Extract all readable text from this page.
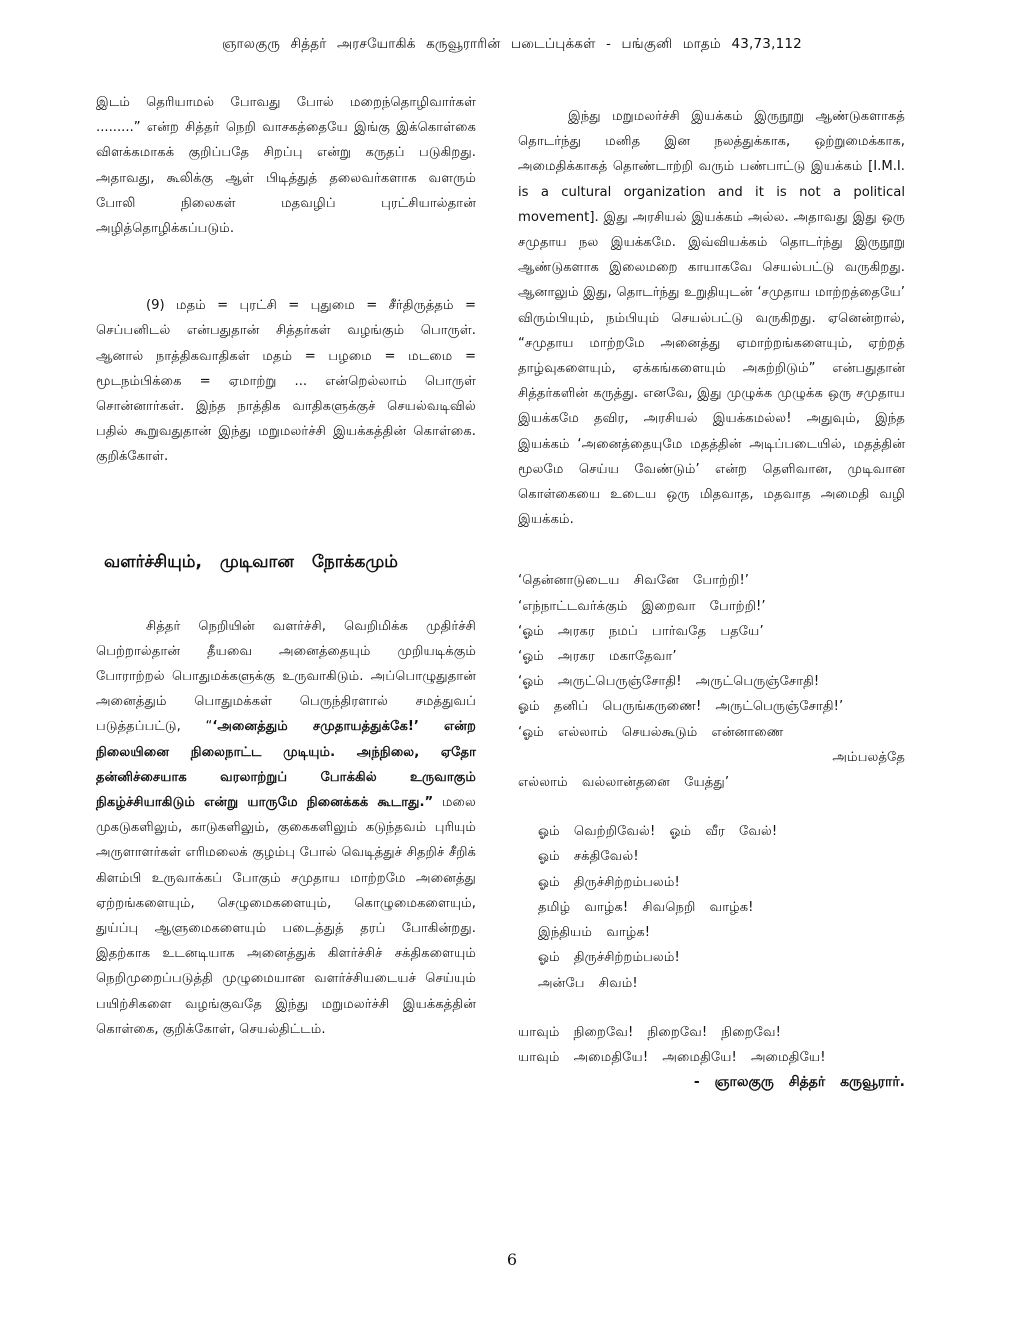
ஞாலகுரு சித்தர் அரசயோகிக் கருவூராரின் படைப்புக்கள் - பங்குனி மாதம் 43,73,112

இடம் தெரியாமல் போவது போல் மறைந்தொழிவார்கள் .........” என்ற சித்தர் நெறி வாசகத்தையே இங்கு இக்கொள்கை விளக்கமாகக் குறிப்பதே சிறப்பு என்று கருதப் படுகிறது. அதாவது, கூலிக்கு ஆள் பிடித்துத் தலைவர்களாக வளரும் போலி நிலைகள் மதவழிப் புரட்சியால்தான் அழித்தொழிக்கப்படும்.

(9) மதம் = புரட்சி = புதுமை = சீர்திருத்தம் = செப்பனிடல் என்பதுதான் சித்தர்கள் வழங்கும் பொருள். ஆனால் நாத்திகவாதிகள் மதம் = பழமை = மடமை = மூடநம்பிக்கை = ஏமாற்று ... என்றெல்லாம் பொருள் சொன்னார்கள். இந்த நாத்திக வாதிகளுக்குச் செயல்வடிவில் பதில் கூறுவதுதான் இந்து மறுமலர்ச்சி இயக்கத்தின் கொள்கை. குறிக்கோள்.

வளர்ச்சியும், முடிவான நோக்கமும்

சித்தர் நெறியின் வளர்ச்சி, வெறிமிக்க முதிர்ச்சி பெற்றால்தான் தீயவை அனைத்தையும் முறியடிக்கும் போராற்றல் பொதுமக்களுக்கு உருவாகிடும். அப்பொழுதுதான் அனைத்தும் பொதுமக்கள் பெருந்திரளால் சமத்துவப் படுத்தப்பட்டு, “‘அனைத்தும் சமுதாயத்துக்கே!’ என்ற நிலையினை நிலைநாட்ட முடியும். அந்நிலை, ஏதோ தன்னிச்சையாக வரலாற்றுப் போக்கில் உருவாகும் நிகழ்ச்சியாகிடும் என்று யாருமே நினைக்கக் கூடாது.” மலை முகடுகளிலும், காடுகளிலும், குகைகளிலும் கடுந்தவம் புரியும் அருளாளர்கள் எரிமலைக் குழம்பு போல் வெடித்துச் சிதறிச் சீறிக் கிளம்பி உருவாக்கப் போகும் சமுதாய மாற்றமே அனைத்து ஏற்றங்களையும், செழுமைகளையும், கொழுமைகளையும், துய்ப்பு ஆளுமைகளையும் படைத்துத் தரப் போகின்றது. இதற்காக உடனடியாக அனைத்துக் கிளர்ச்சிச் சக்திகளையும் நெறிமுறைப்படுத்தி முழுமையான வளர்ச்சியடையச் செய்யும் பயிற்சிகளை வழங்குவதே இந்து மறுமலர்ச்சி இயக்கத்தின் கொள்கை, குறிக்கோள், செயல்திட்டம்.

இந்து மறுமலர்ச்சி இயக்கம் இருநூறு ஆண்டுகளாகத் தொடர்ந்து மனித இன நலத்துக்காக, ஒற்றுமைக்காக, அமைதிக்காகத் தொண்டாற்றி வரும் பண்பாட்டு இயக்கம் [I.M.I. is a cultural organization and it is not a political movement]. இது அரசியல் இயக்கம் அல்ல. அதாவது இது ஒரு சமுதாய நல இயக்கமே. இவ்வியக்கம் தொடர்ந்து இருநூறு ஆண்டுகளாக இலைமறை காயாகவே செயல்பட்டு வருகிறது. ஆனாலும் இது, தொடர்ந்து உறுதியுடன் ‘சமுதாய மாற்றத்தையே’ விரும்பியும், நம்பியும் செயல்பட்டு வருகிறது. ஏனென்றால், “சமுதாய மாற்றமே அனைத்து ஏமாற்றங்களையும், ஏற்றத் தாழ்வுகளையும், ஏக்கங்களையும் அகற்றிடும்” என்பதுதான் சித்தர்களின் கருத்து. எனவே, இது முழுக்க முழுக்க ஒரு சமுதாய இயக்கமே தவிர, அரசியல் இயக்கமல்ல! அதுவும், இந்த இயக்கம் ‘அனைத்தையுமே மதத்தின் அடிப்படையில், மதத்தின் மூலமே செய்ய வேண்டும்’ என்ற தெளிவான, முடிவான கொள்கையை உடைய ஒரு மிதவாத, மதவாத அமைதி வழி இயக்கம்.

‘தென்னாடுடைய சிவனே போற்றி!’
‘எந்நாட்டவர்க்கும் இறைவா போற்றி!’
‘ஓம் அரகர நமப் பார்வதே பதயே’
‘ஓம் அரகர மகாதேவா’
‘ஓம் அருட்பெருஞ்சோதி! அருட்பெருஞ்சோதி!
ஓம் தனிப் பெருங்கருணை! அருட்பெருஞ்சோதி!’
‘ஓம் எல்லாம் செயல்கூடும் என்னாணை
அம்பலத்தே
எல்லாம் வல்லான்தனை யேத்து’
ஓம் வெற்றிவேல்! ஓம் வீர வேல்!
ஓம் சக்திவேல்!
ஓம் திருச்சிற்றம்பலம்!
தமிழ் வாழ்க! சிவநெறி வாழ்க!
இந்தியம் வாழ்க!
ஓம் திருச்சிற்றம்பலம்!
அன்பே சிவம்!
யாவும் நிறைவே! நிறைவே! நிறைவே!
யாவும் அமைதியே! அமைதியே! அமைதியே!
- ஞாலகுரு சித்தர் கருவூரார்.
6
